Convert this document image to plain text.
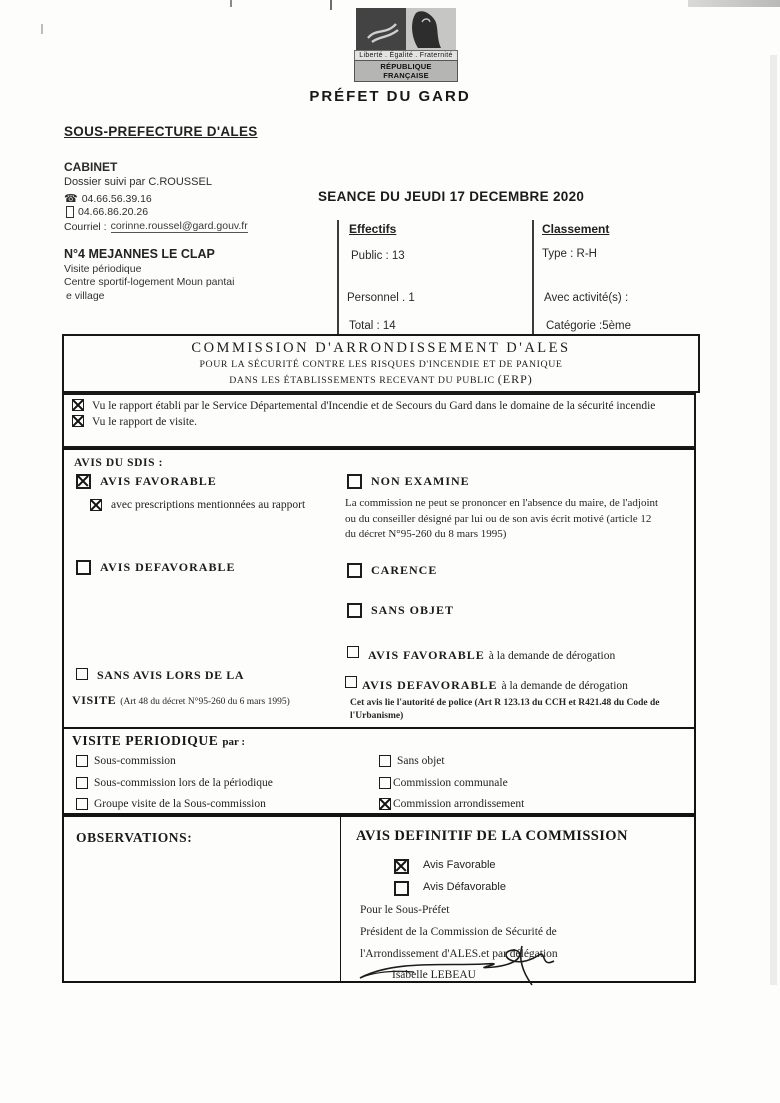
Liberté . Égalité . Fraternité
RÉPUBLIQUE FRANÇAISE
PRÉFET DU GARD
SOUS-PREFECTURE D'ALES
CABINET
Dossier suivi par C.ROUSSEL
☎ 04.66.56.39.16
04.66.86.20.26
Courriel : corinne.roussel@gard.gouv.fr
N°4 MEJANNES LE CLAP
Visite périodique
Centre sportif-logement Moun pantai
e village
SEANCE DU JEUDI 17 DECEMBRE 2020
Effectifs
Public : 13
Personnel . 1
Total : 14
Classement
Type : R-H
Avec activité(s) :
Catégorie :5ème
COMMISSION D'ARRONDISSEMENT D'ALES
POUR LA SÉCURITÉ CONTRE LES RISQUES D'INCENDIE ET DE PANIQUE
DANS LES ÉTABLISSEMENTS RECEVANT DU PUBLIC (ERP)
Vu le rapport établi par le Service Départemental d'Incendie et de Secours du Gard dans le domaine de la sécurité incendie
Vu le rapport de visite.
AVIS DU SDIS :
AVIS FAVORABLE
avec prescriptions mentionnées au rapport
AVIS DEFAVORABLE
SANS AVIS LORS DE LA
VISITE (Art 48 du décret N°95-260 du 6 mars 1995)
NON EXAMINE
La commission ne peut se prononcer en l'absence du maire, de l'adjoint ou du conseiller désigné par lui ou de son avis écrit motivé (article 12 du décret N°95-260 du 8 mars 1995)
CARENCE
SANS OBJET
AVIS FAVORABLE à la demande de dérogation
AVIS DEFAVORABLE à la demande de dérogation
Cet avis lie l'autorité de police (Art R 123.13 du CCH et R421.48 du Code de l'Urbanisme)
VISITE PERIODIQUE par :
Sous-commission
Sous-commission lors de la périodique
Groupe visite de la Sous-commission
Sans objet
Commission communale
Commission arrondissement
OBSERVATIONS:	AVIS DEFINITIF DE LA COMMISSION
Avis Favorable
Avis Défavorable
Pour le Sous-Préfet
Président de la Commission de Sécurité de
l'Arrondissement d'ALES.et par délégation
Isabelle LEBEAU
